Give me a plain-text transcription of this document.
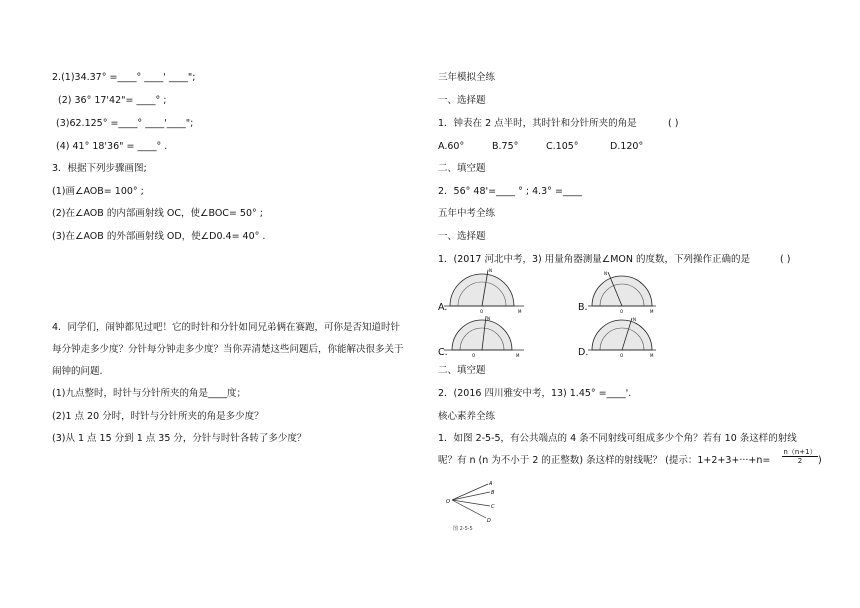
2.(1)34.37° =____° ____' ____";
(2) 36° 17'42"= ____° ;
(3)62.125° =____° ____'____";
(4) 41° 18'36" = ____° .
3．根据下列步骤画图;
(1)画∠AOB= 100° ;
(2)在∠AOB 的内部画射线 OC，使∠BOC= 50° ;
(3)在∠AOB 的外部画射线 OD，使∠D0.4= 40° .
4．同学们，闹钟都见过吧！它的时针和分针如同兄弟俩在赛跑，可你是否知道时针
每分钟走多少度？分针每分钟走多少度？当你弄清楚这些问题后，你能解决很多关于
闹钟的问题.
(1)九点整时，时针与分针所夹的角是____度；
(2)1 点 20 分时，时针与分针所夹的角是多少度？
(3)从 1 点 15 分到 1 点 35 分，分针与时针各转了多少度？
三年模拟全练
一、选择题
1．钟表在 2 点半时，其时针和分针所夹的角是	( )
A.60°	B.75°	C.105°	D.120°
二、填空题
2．56° 48'=____ ° ; 4.3° =____
五年中考全练
一、选择题
1．(2017 河北中考，3) 用量角器测量∠MON 的度数，下列操作正确的是	( )
A.	B.
C.	D.
O	M
N
O	M
N
O	M
N
O	M
N
二、填空题
2．(2016 四川雅安中考，13) 1.45° =____'.
核心素养全练
1．如图 2-5-5，有公共端点的 4 条不同射线可组成多少个角？若有 10 条这样的射线
呢？有 n (n 为不小于 2 的正整数) 条这样的射线呢？ (提示：$1+2+3+\cdot\cdot\cdot+n= \frac{n(n+1)}{2}$ )
O
A
B
C
D
图 2-5-5
